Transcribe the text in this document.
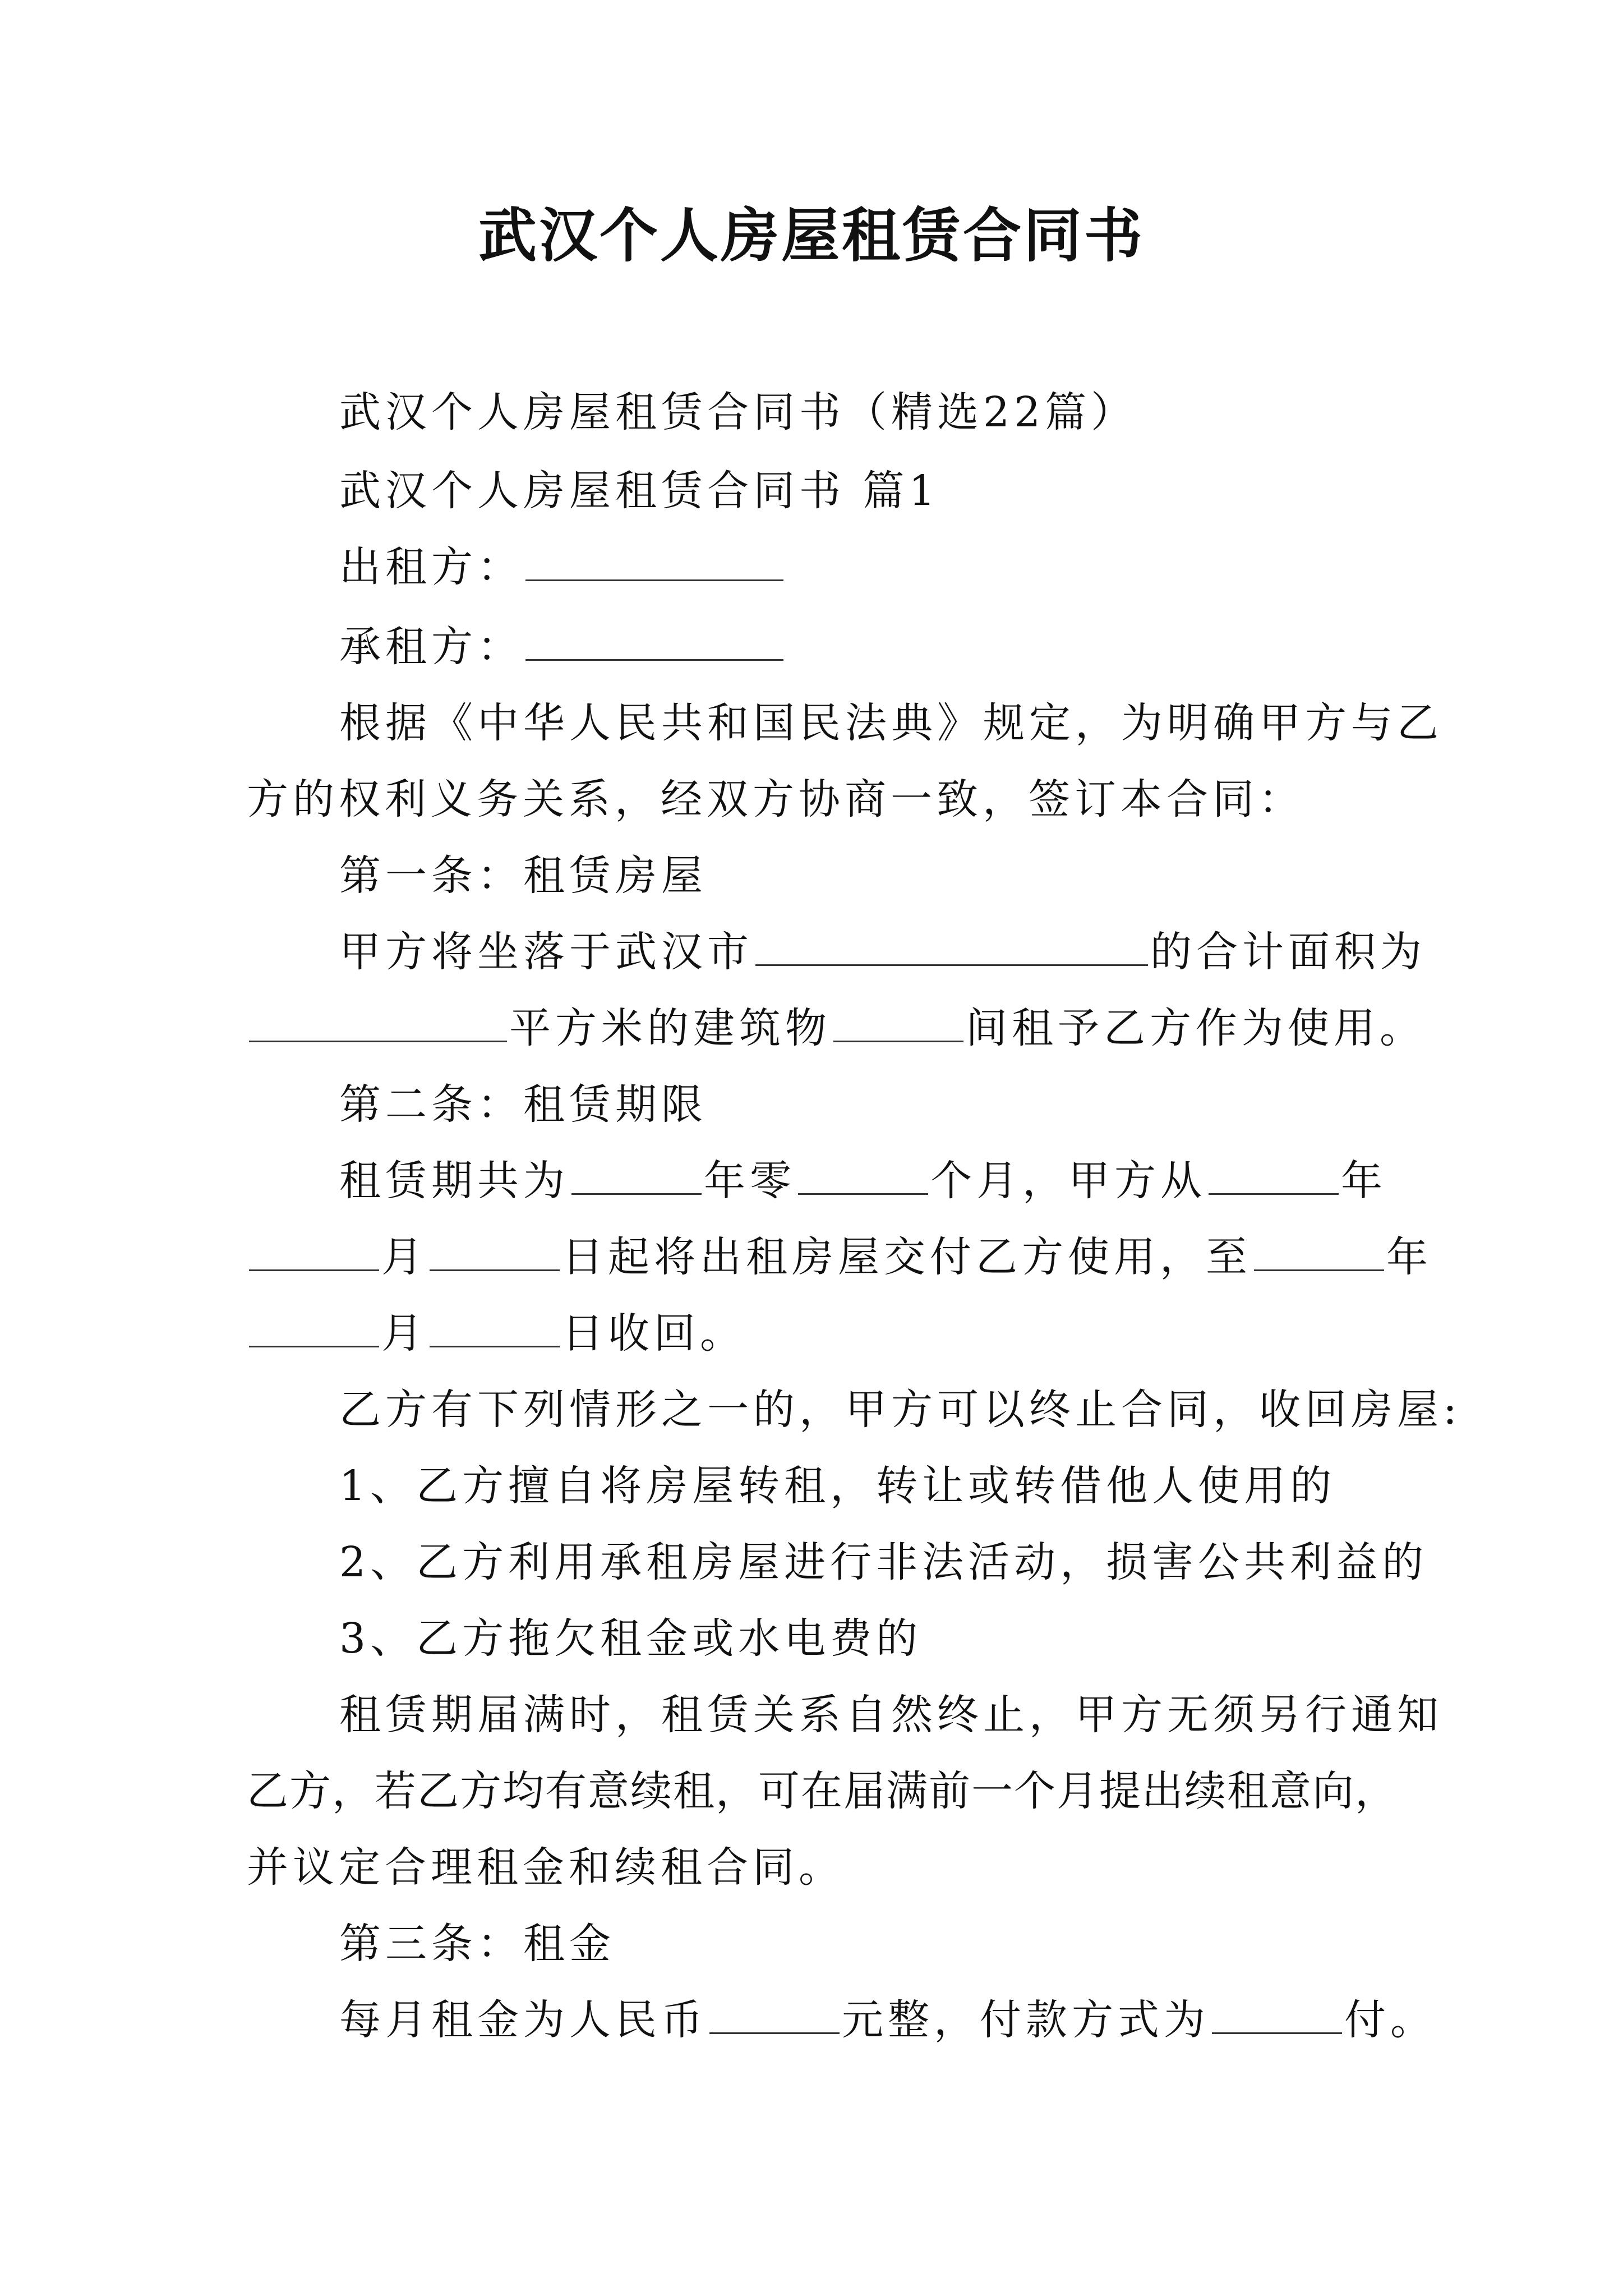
武汉个人房屋租赁合同书

武汉个人房屋租赁合同书（精选22篇）

武汉个人房屋租赁合同书 篇1

出租方：

承租方：

根据《中华人民共和国民法典》规定，为明确甲方与乙

方的权利义务关系，经双方协商一致，签订本合同：

第一条：租赁房屋

甲方将坐落于武汉市	的合计面积为

平方米的建筑物	间租予乙方作为使用。

第二条：租赁期限

租赁期共为	年零	个月，甲方从	年

月	日起将出租房屋交付乙方使用，至	年

月	日收回。

乙方有下列情形之一的，甲方可以终止合同，收回房屋:

1、乙方擅自将房屋转租，转让或转借他人使用的

2、乙方利用承租房屋进行非法活动，损害公共利益的

3、乙方拖欠租金或水电费的

租赁期届满时，租赁关系自然终止，甲方无须另行通知

乙方，若乙方均有意续租，可在届满前一个月提出续租意向，

并议定合理租金和续租合同。

第三条：租金

每月租金为人民币	元整，付款方式为	付。
